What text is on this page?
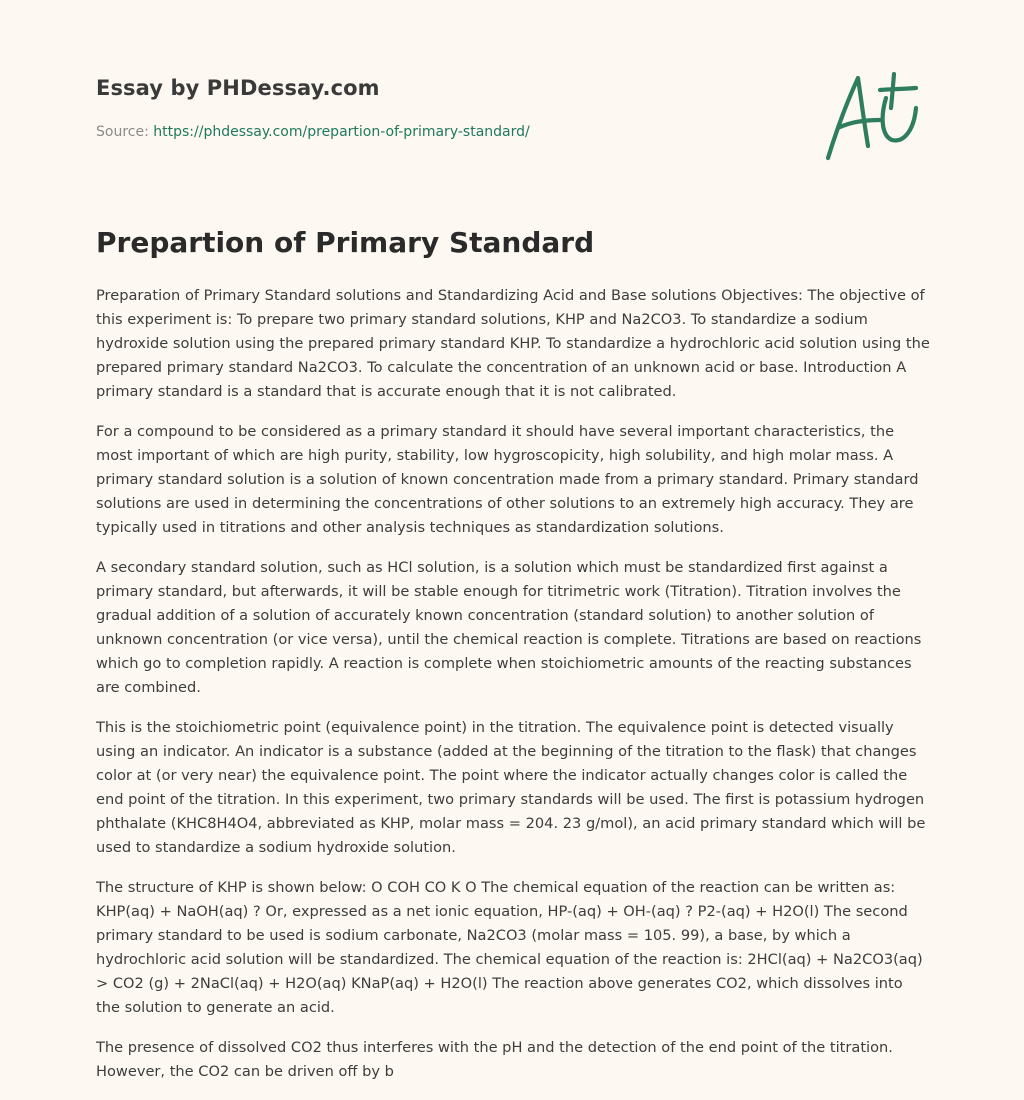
Essay by PHDessay.com
Source: https://phdessay.com/prepartion-of-primary-standard/
Prepartion of Primary Standard

Preparation of Primary Standard solutions and Standardizing Acid and Base solutions Objectives: The objective of this experiment is: To prepare two primary standard solutions, KHP and Na2CO3. To standardize a sodium hydroxide solution using the prepared primary standard KHP. To standardize a hydrochloric acid solution using the prepared primary standard Na2CO3. To calculate the concentration of an unknown acid or base. Introduction A primary standard is a standard that is accurate enough that it is not calibrated.

For a compound to be considered as a primary standard it should have several important characteristics, the most important of which are high purity, stability, low hygroscopicity, high solubility, and high molar mass. A primary standard solution is a solution of known concentration made from a primary standard. Primary standard solutions are used in determining the concentrations of other solutions to an extremely high accuracy. They are typically used in titrations and other analysis techniques as standardization solutions.

A secondary standard solution, such as HCl solution, is a solution which must be standardized first against a primary standard, but afterwards, it will be stable enough for titrimetric work (Titration). Titration involves the gradual addition of a solution of accurately known concentration (standard solution) to another solution of unknown concentration (or vice versa), until the chemical reaction is complete. Titrations are based on reactions which go to completion rapidly. A reaction is complete when stoichiometric amounts of the reacting substances are combined.

This is the stoichiometric point (equivalence point) in the titration. The equivalence point is detected visually using an indicator. An indicator is a substance (added at the beginning of the titration to the flask) that changes color at (or very near) the equivalence point. The point where the indicator actually changes color is called the end point of the titration. In this experiment, two primary standards will be used. The first is potassium hydrogen phthalate (KHC8H4O4, abbreviated as KHP, molar mass = 204. 23 g/mol), an acid primary standard which will be used to standardize a sodium hydroxide solution.

The structure of KHP is shown below: O COH CO K O The chemical equation of the reaction can be written as: KHP(aq) + NaOH(aq) ? Or, expressed as a net ionic equation, HP-(aq) + OH-(aq) ? P2-(aq) + H2O(l) The second primary standard to be used is sodium carbonate, Na2CO3 (molar mass = 105. 99), a base, by which a hydrochloric acid solution will be standardized. The chemical equation of the reaction is: 2HCl(aq) + Na2CO3(aq) > CO2 (g) + 2NaCl(aq) + H2O(aq) KNaP(aq) + H2O(l) The reaction above generates CO2, which dissolves into the solution to generate an acid.

The presence of dissolved CO2 thus interferes with the pH and the detection of the end point of the titration. However, the CO2 can be driven off by b
